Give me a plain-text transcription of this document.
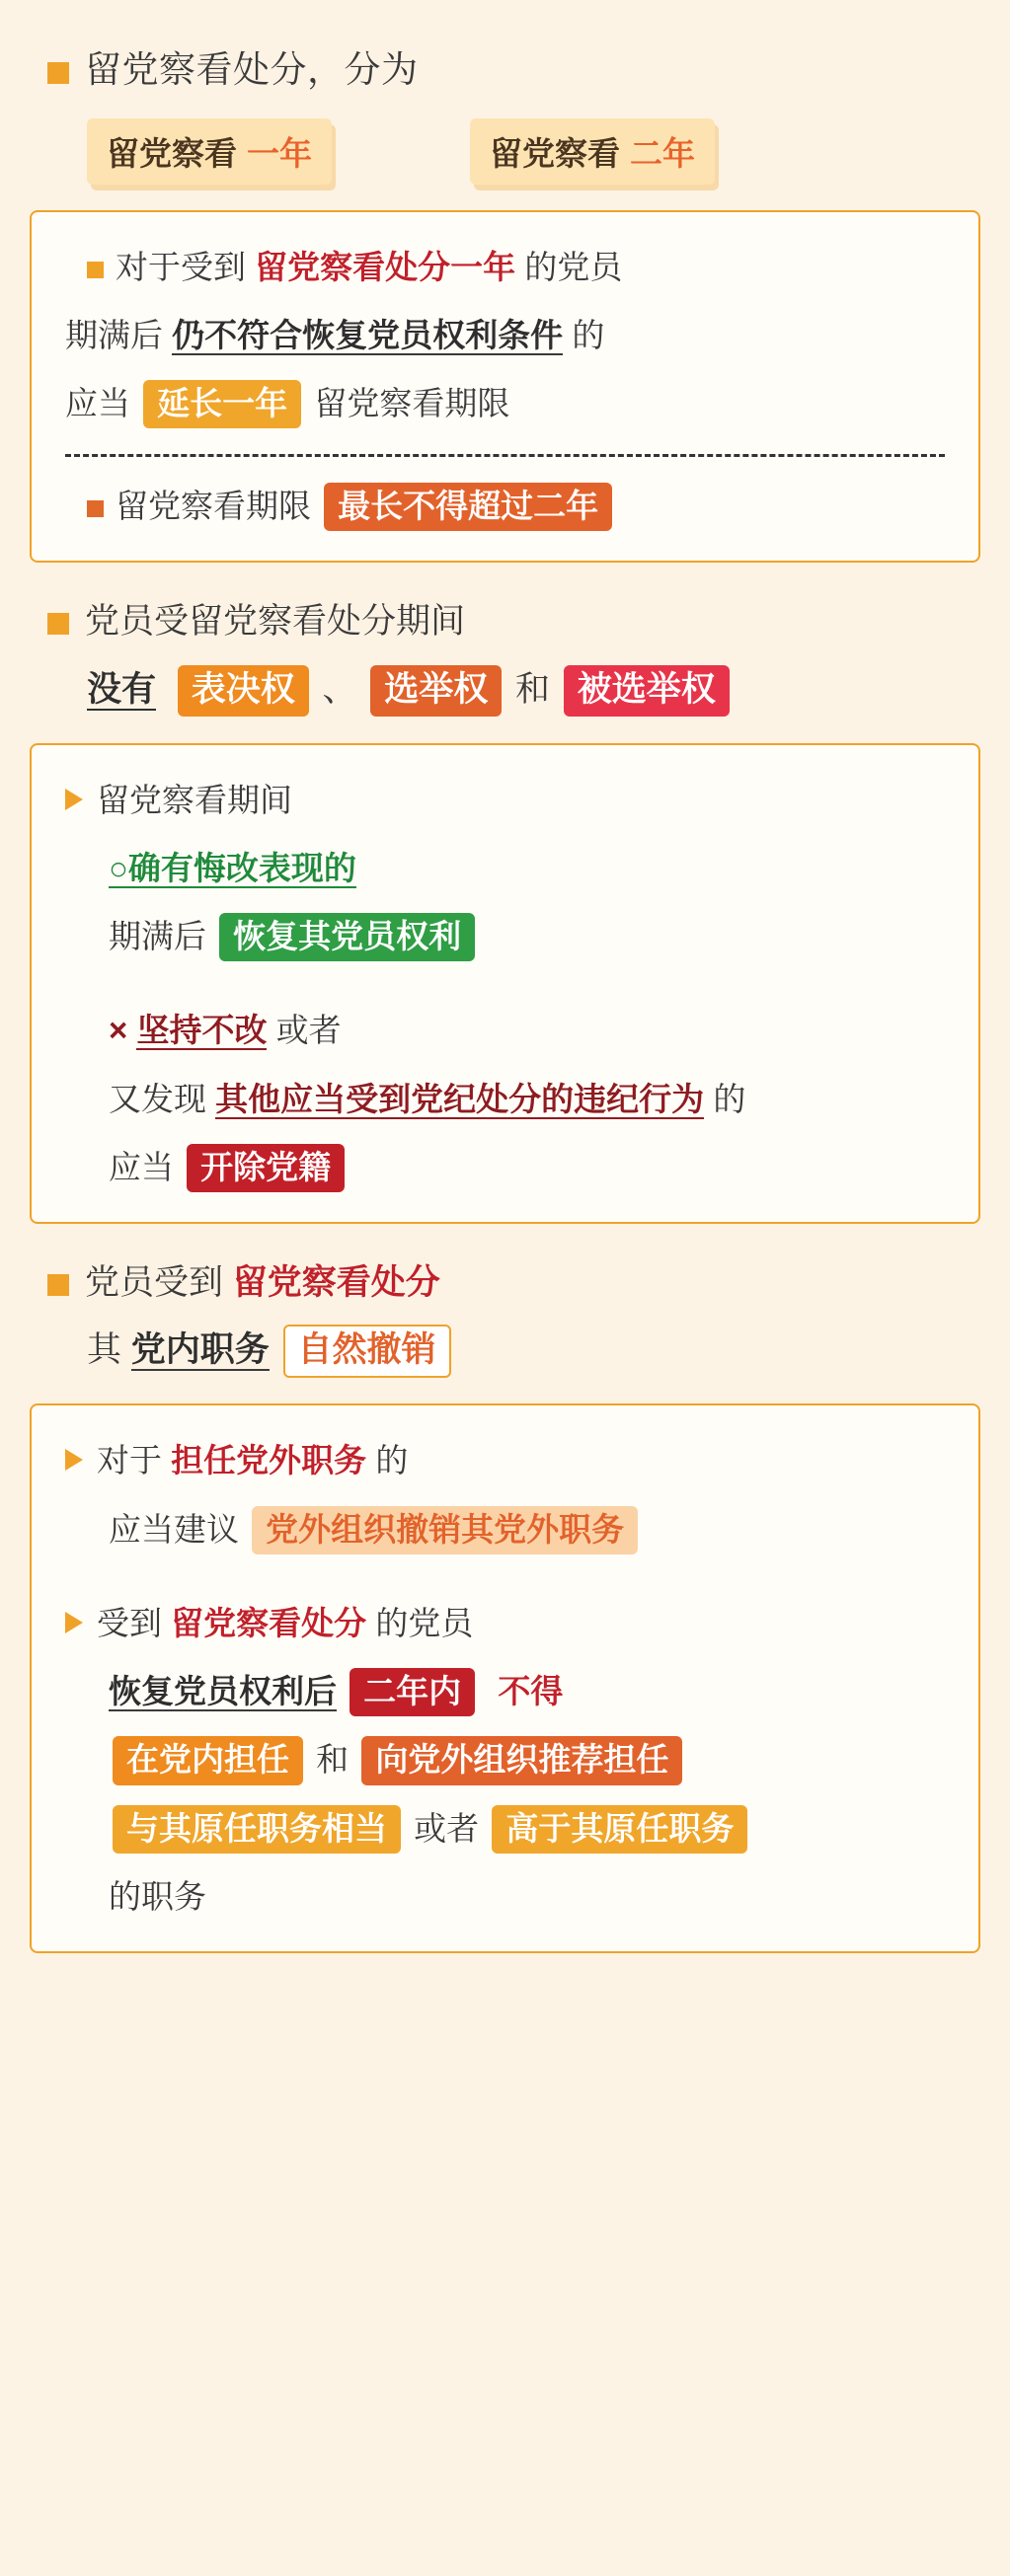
留党察看处分，分为
留党察看 一年	留党察看 二年

对于受到 留党察看处分一年 的党员

期满后 仍不符合恢复党员权利条件 的

应当 延长一年 留党察看期限

留党察看期限 最长不得超过二年

党员受留党察看处分期间
没有 表决权 、 选举权 和 被选举权

留党察看期间

○确有悔改表现的

期满后 恢复其党员权利

× 坚持不改 或者

又发现 其他应当受到党纪处分的违纪行为 的

应当 开除党籍

党员受到 留党察看处分
其 党内职务 自然撤销

对于 担任党外职务 的

应当建议 党外组织撤销其党外职务

受到 留党察看处分 的党员

恢复党员权利后 二年内 不得

在党内担任 和 向党外组织推荐担任

与其原任职务相当 或者 高于其原任职务

的职务
